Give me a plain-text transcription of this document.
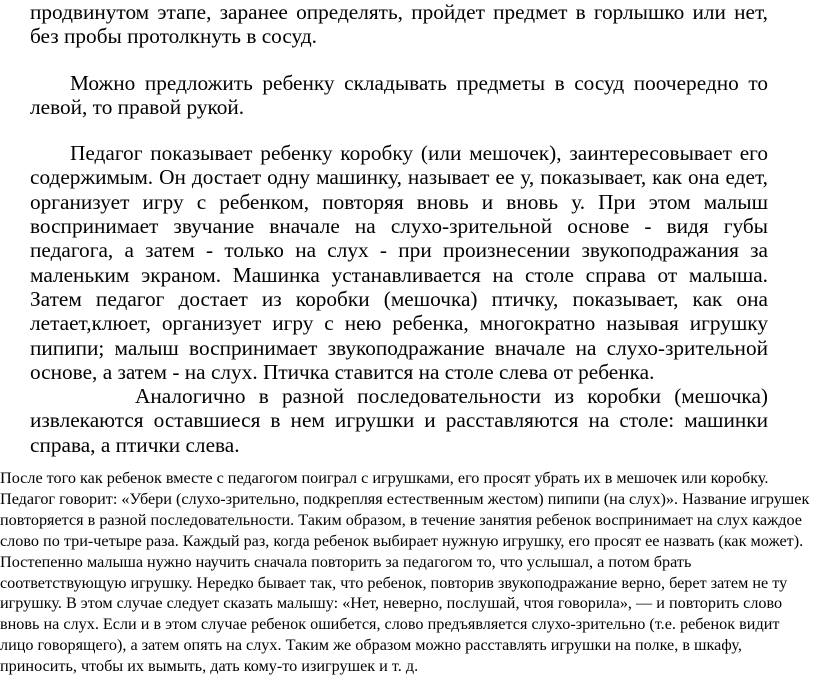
продвинутом этапе, заранее определять, пройдет предмет в горлышко или нет, без пробы протолкнуть в сосуд.

Можно предложить ребенку складывать предметы в сосуд поочередно то левой, то правой рукой.

Педагог показывает ребенку коробку (или мешочек), заинтересовывает его содержимым. Он достает одну машинку, называет ее у, показывает, как она едет, организует игру с ребенком, повторяя вновь и вновь у. При этом малыш воспринимает звучание вначале на слухо-зрительной основе - видя губы педагога, а затем - только на слух - при произнесении звукоподражания за маленьким экраном. Машинка устанавливается на столе справа от малыша. Затем педагог достает из коробки (мешочка) птичку, показывает, как она летает,клюет, организует игру с нею ребенка, многократно называя игрушку пипипи; малыш воспринимает звукоподражание вначале на слухо-зрительной основе, а затем - на слух. Птичка ставится на столе слева от ребенка.

Аналогично в разной последовательности из коробки (мешочка) извлекаются оставшиеся в нем игрушки и расставляются на столе: машинки справа, а птички слева.

После того как ребенок вместе с педагогом поиграл с игрушками, его просят убрать их в мешочек или коробку. Педагог говорит: «Убери (слухо-зрительно, подкрепляя естественным жестом) пипипи (на слух)». Название игрушек повторяется в разной последовательности. Таким образом, в течение занятия ребенок воспринимает на слух каждое слово по три-четыре раза. Каждый раз, когда ребенок выбирает нужную игрушку, его просят ее назвать (как может). Постепенно малыша нужно научить сначала повторить за педагогом то, что услышал, а потом брать соответствующую игрушку. Нередко бывает так, что ребенок, повторив звукоподражание верно, берет затем не ту игрушку. В этом случае следует сказать малышу: «Нет, неверно, послушай, чтоя говорила», — и повторить слово вновь на слух. Если и в этом случае ребенок ошибется, слово предъявляется слухо-зрительно (т.е. ребенок видит лицо говорящего), а затем опять на слух. Таким же образом можно расставлять игрушки на полке, в шкафу, приносить, чтобы их вымыть, дать кому-то изигрушек и т. д.
